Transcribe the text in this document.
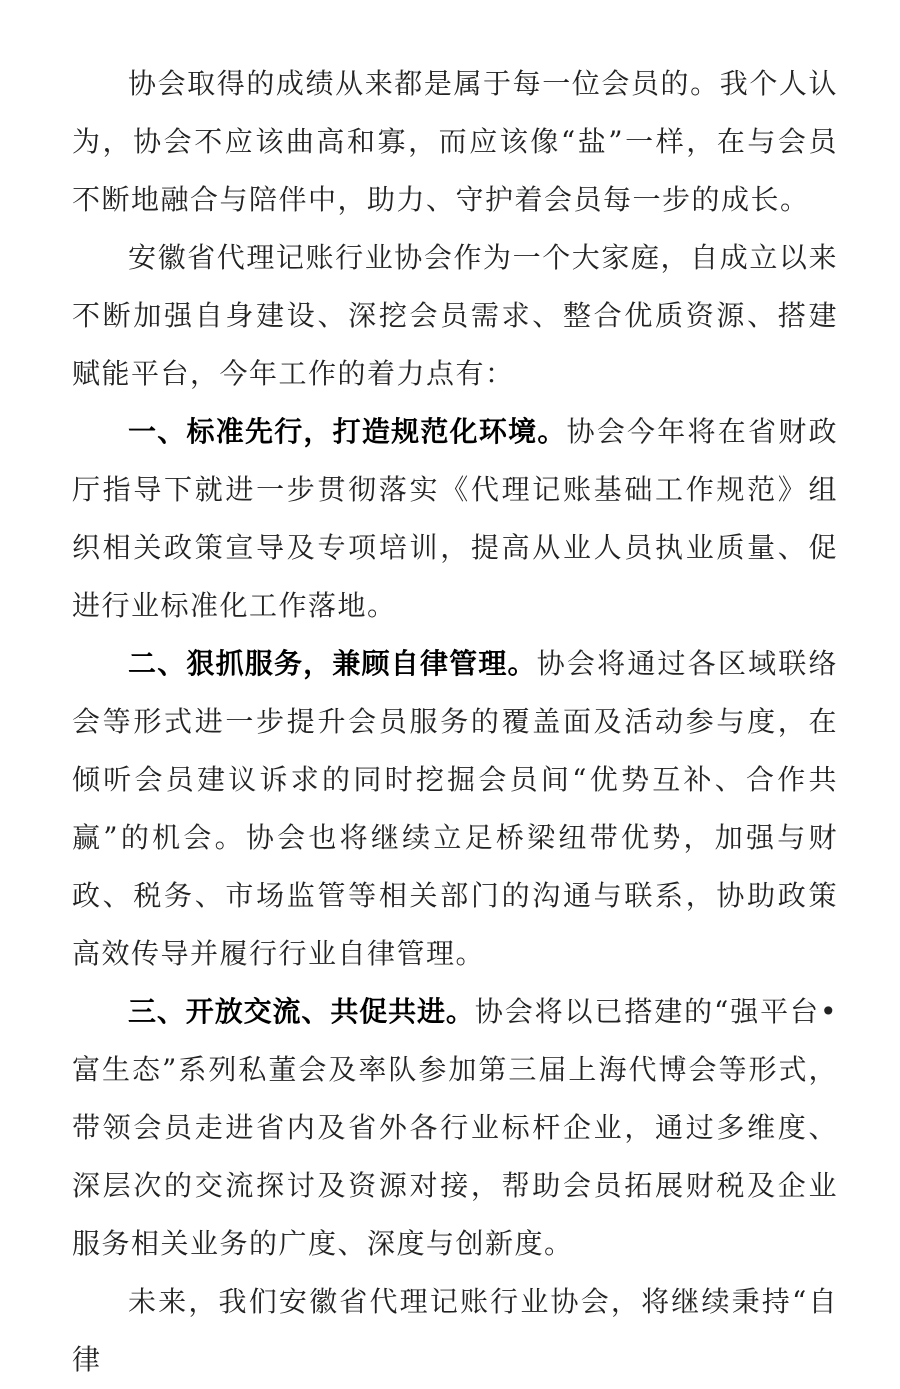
协会取得的成绩从来都是属于每一位会员的。我个人认为，协会不应该曲高和寡，而应该像“盐”一样，在与会员不断地融合与陪伴中，助力、守护着会员每一步的成长。

安徽省代理记账行业协会作为一个大家庭，自成立以来不断加强自身建设、深挖会员需求、整合优质资源、搭建赋能平台，今年工作的着力点有：

一、标准先行，打造规范化环境。协会今年将在省财政厅指导下就进一步贯彻落实《代理记账基础工作规范》组织相关政策宣导及专项培训，提高从业人员执业质量、促进行业标准化工作落地。

二、狠抓服务，兼顾自律管理。协会将通过各区域联络会等形式进一步提升会员服务的覆盖面及活动参与度，在倾听会员建议诉求的同时挖掘会员间“优势互补、合作共赢”的机会。协会也将继续立足桥梁纽带优势，加强与财政、税务、市场监管等相关部门的沟通与联系，协助政策高效传导并履行行业自律管理。

三、开放交流、共促共进。协会将以已搭建的“强平台•富生态”系列私董会及率队参加第三届上海代博会等形式，带领会员走进省内及省外各行业标杆企业，通过多维度、深层次的交流探讨及资源对接，帮助会员拓展财税及企业服务相关业务的广度、深度与创新度。

未来，我们安徽省代理记账行业协会，将继续秉持“自律
